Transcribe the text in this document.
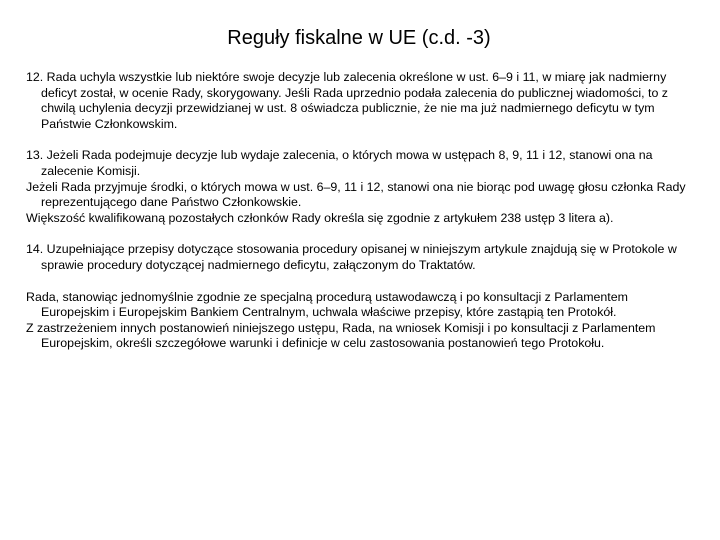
Reguły fiskalne w UE (c.d. -3)

12. Rada uchyla wszystkie lub niektóre swoje decyzje lub zalecenia określone w ust. 6–9 i 11, w miarę jak nadmierny deficyt został, w ocenie Rady, skorygowany. Jeśli Rada uprzednio podała zalecenia do publicznej wiadomości, to z chwilą uchylenia decyzji przewidzianej w ust. 8 oświadcza publicznie, że nie ma już nadmiernego deficytu w tym Państwie Członkowskim.

13. Jeżeli Rada podejmuje decyzje lub wydaje zalecenia, o których mowa w ustępach 8, 9, 11 i 12, stanowi ona na zalecenie Komisji.

Jeżeli Rada przyjmuje środki, o których mowa w ust. 6–9, 11 i 12, stanowi ona nie biorąc pod uwagę głosu członka Rady reprezentującego dane Państwo Członkowskie.

Większość kwalifikowaną pozostałych członków Rady określa się zgodnie z artykułem 238 ustęp 3 litera a).

14. Uzupełniające przepisy dotyczące stosowania procedury opisanej w niniejszym artykule znajdują się w Protokole w sprawie procedury dotyczącej nadmiernego deficytu, załączonym do Traktatów.

Rada, stanowiąc jednomyślnie zgodnie ze specjalną procedurą ustawodawczą i po konsultacji z Parlamentem Europejskim i Europejskim Bankiem Centralnym, uchwala właściwe przepisy, które zastąpią ten Protokół.

Z zastrzeżeniem innych postanowień niniejszego ustępu, Rada, na wniosek Komisji i po konsultacji z Parlamentem Europejskim, określi szczegółowe warunki i definicje w celu zastosowania postanowień tego Protokołu.
